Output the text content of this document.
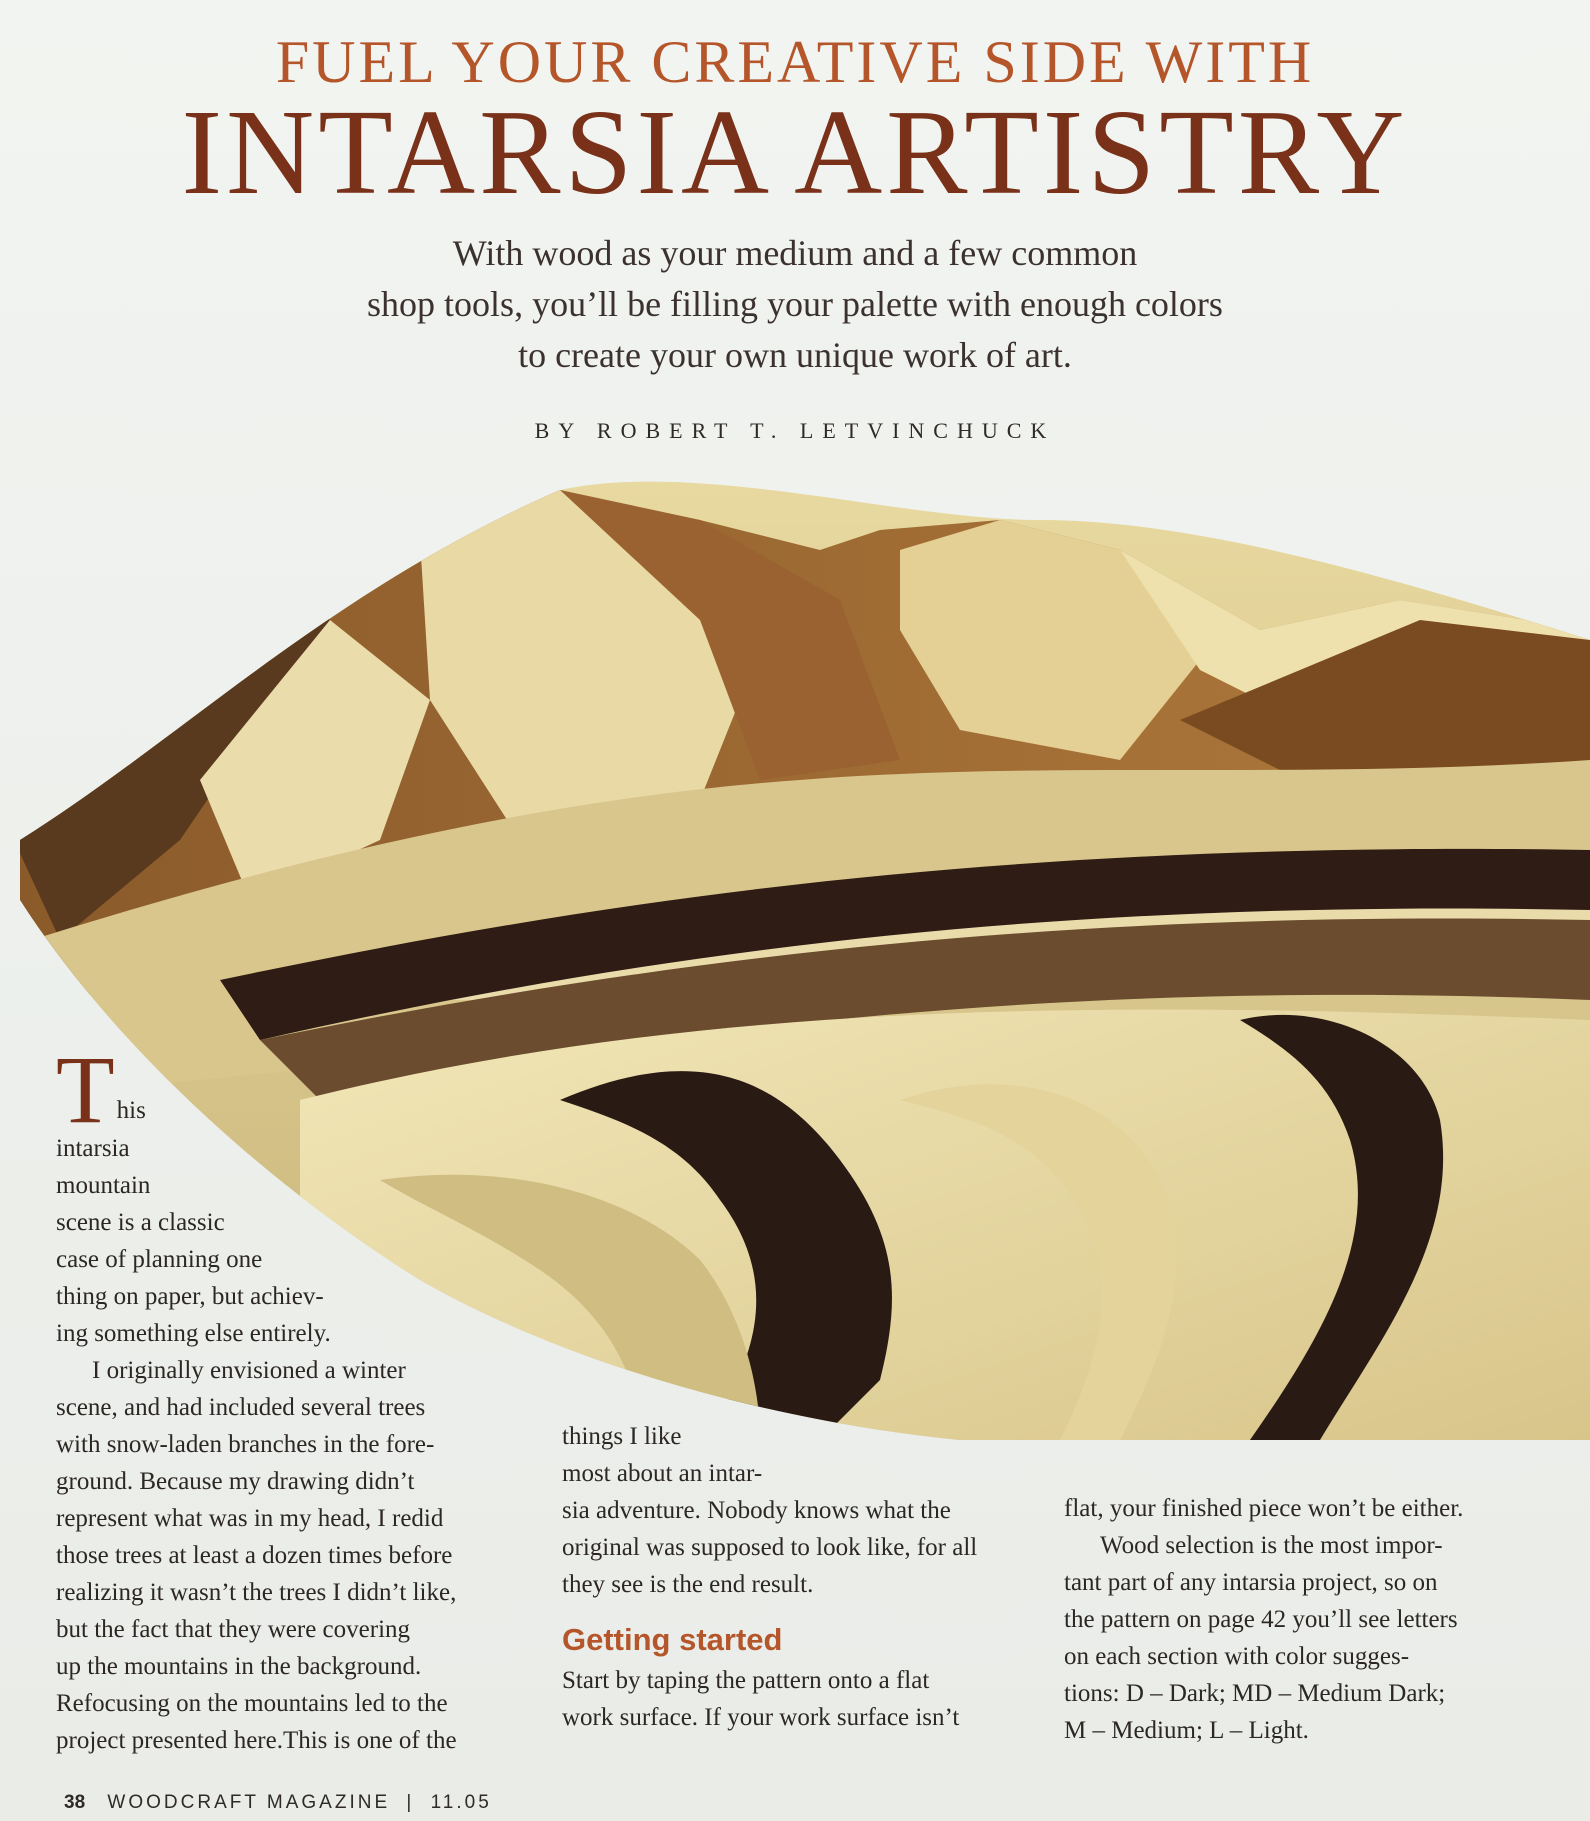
FUEL YOUR CREATIVE SIDE WITH
INTARSIA ARTISTRY
With wood as your medium and a few common
shop tools, you’ll be filling your palette with enough colors
to create your own unique work of art.
BY ROBERT T. LETVINCHUCK

T his
intarsia
mountain
scene is a classic
case of planning one
thing on paper, but achiev-
ing something else entirely.

I originally envisioned a winter
scene, and had included several trees
with snow-laden branches in the fore-
ground. Because my drawing didn’t
represent what was in my head, I redid
those trees at least a dozen times before
realizing it wasn’t the trees I didn’t like,
but the fact that they were covering
up the mountains in the background.
Refocusing on the mountains led to the
project presented here.This is one of the

things I like
most about an intar-
sia adventure. Nobody knows what the
original was supposed to look like, for all
they see is the end result.

Getting started

Start by taping the pattern onto a flat
work surface. If your work surface isn’t

flat, your finished piece won’t be either.

Wood selection is the most impor-
tant part of any intarsia project, so on
the pattern on page 42 you’ll see letters
on each section with color sugges-
tions: D – Dark; MD – Medium Dark;
M – Medium; L – Light.

38 WOODCRAFT MAGAZINE | 11.05
